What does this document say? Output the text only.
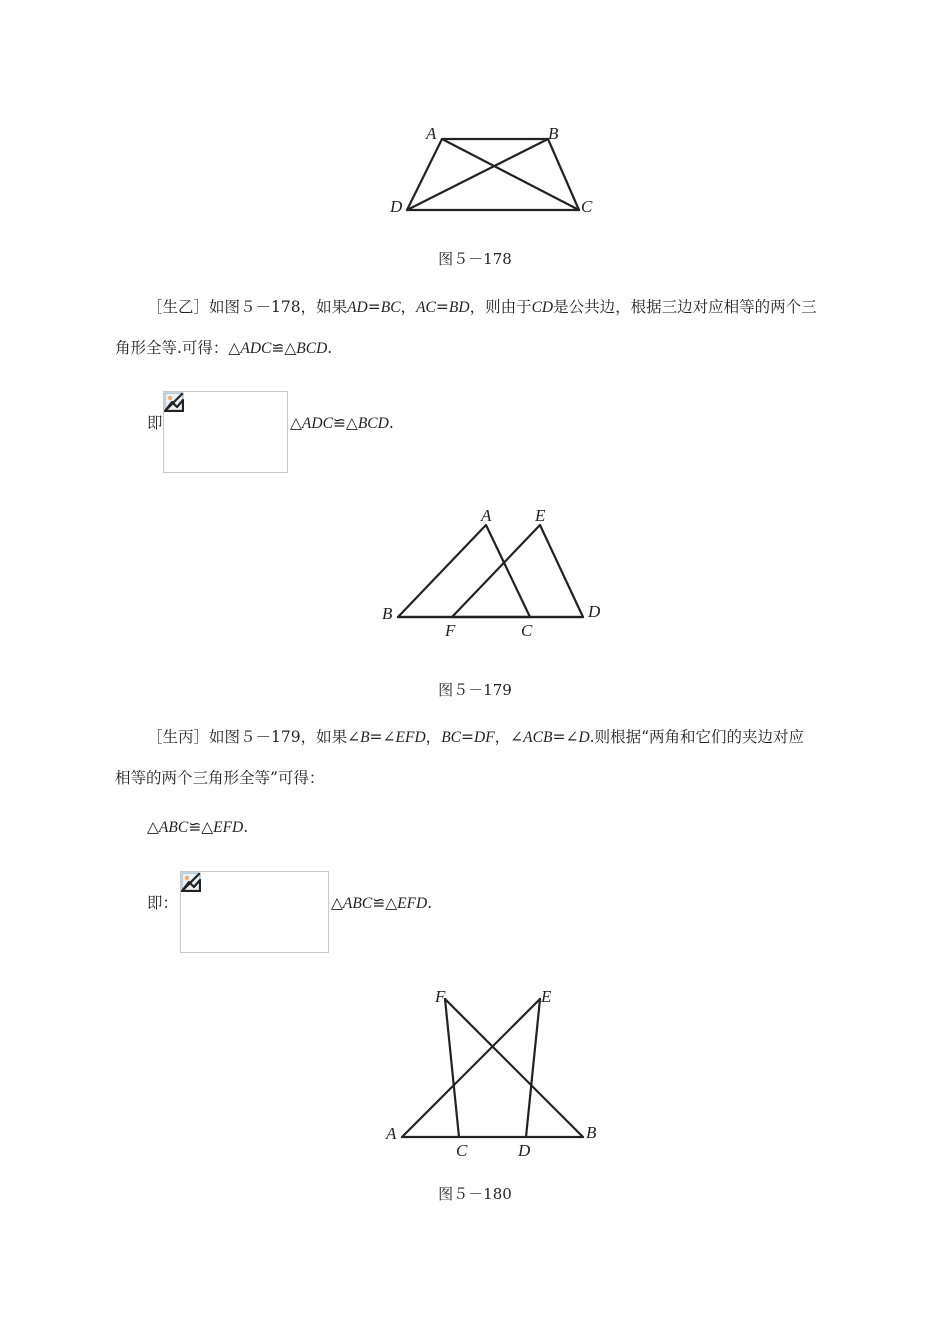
A	B
D	C
图５－178
［生乙］如图５－178，如果AD=BC，AC=BD，则由于CD是公共边，根据三边对应相等的两个三
角形全等.可得：△ADC≌△BCD.
即	△ADC≌△BCD.
A	E
B	D
F	C
图５－179
［生丙］如图５－179，如果∠B=∠EFD，BC=DF，∠ACB=∠D.则根据“两角和它们的夹边对应
相等的两个三角形全等”可得：
△ABC≌△EFD.
即：	△ABC≌△EFD.
F	E
A	B
C	D
图５－180
